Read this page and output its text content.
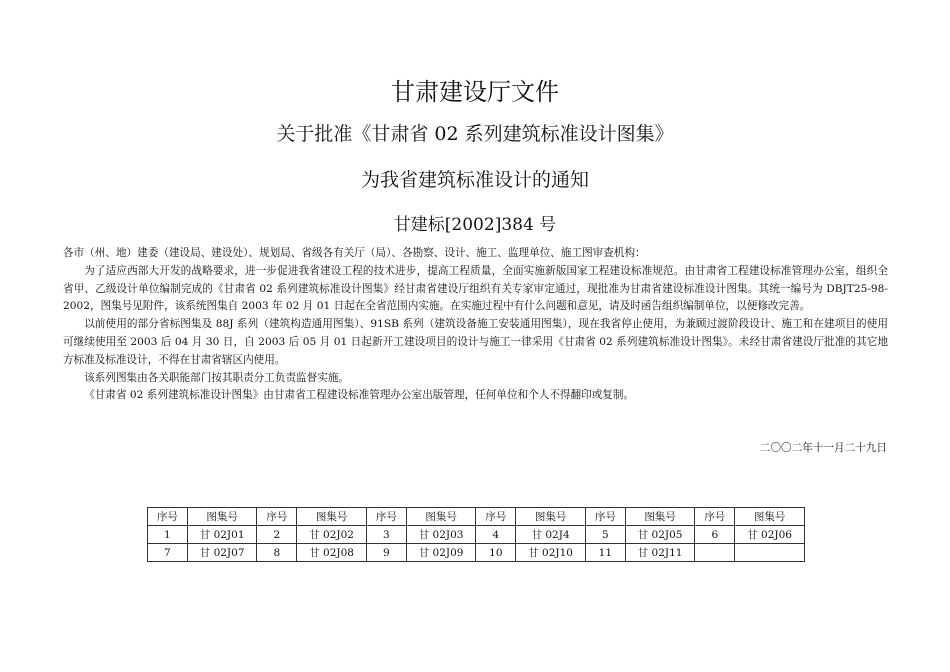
甘肃建设厅文件
关于批准《甘肃省 02 系列建筑标准设计图集》
为我省建筑标准设计的通知
甘建标[2002]384 号

各市（州、地）建委（建设局、建设处）、规划局、省级各有关厅（局）、各勘察、设计、施工、监理单位、施工图审查机构：

为了适应西部大开发的战略要求，进一步促进我省建设工程的技术进步，提高工程质量，全面实施新版国家工程建设标准规范。由甘肃省工程建设标准管理办公室，组织全省甲、乙级设计单位编制完成的《甘肃省 02 系列建筑标准设计图集》经甘肃省建设厅组织有关专家审定通过，现批准为甘肃省建设标准设计图集。其统一编号为 DBJT25-98-2002，图集号见附件，该系统图集自 2003 年 02 月 01 日起在全省范围内实施。在实施过程中有什么问题和意见，请及时函告组织编制单位，以便修改完善。

以前使用的部分省标图集及 88J 系列（建筑构造通用图集）、91SB 系列（建筑设备施工安装通用图集），现在我省停止使用，为兼顾过渡阶段设计、施工和在建项目的使用可继续使用至 2003 后 04 月 30 日，自 2003 后 05 月 01 日起新开工建设项目的设计与施工一律采用《甘肃省 02 系列建筑标准设计图集》。未经甘肃省建设厅批准的其它地方标准及标准设计，不得在甘肃省辖区内使用。

该系列图集由各关职能部门按其职责分工负责监督实施。

《甘肃省 02 系列建筑标准设计图集》由甘肃省工程建设标准管理办公室出版管理，任何单位和个人不得翻印或复制。

二〇〇二年十一月二十九日
序号	图集号	序号	图集号	序号	图集号	序号	图集号	序号	图集号	序号	图集号
1	甘 02J01	2	甘 02J02	3	甘 02J03	4	甘 02J4	5	甘 02J05	6	甘 02J06
7	甘 02J07	8	甘 02J08	9	甘 02J09	10	甘 02J10	11	甘 02J11		
